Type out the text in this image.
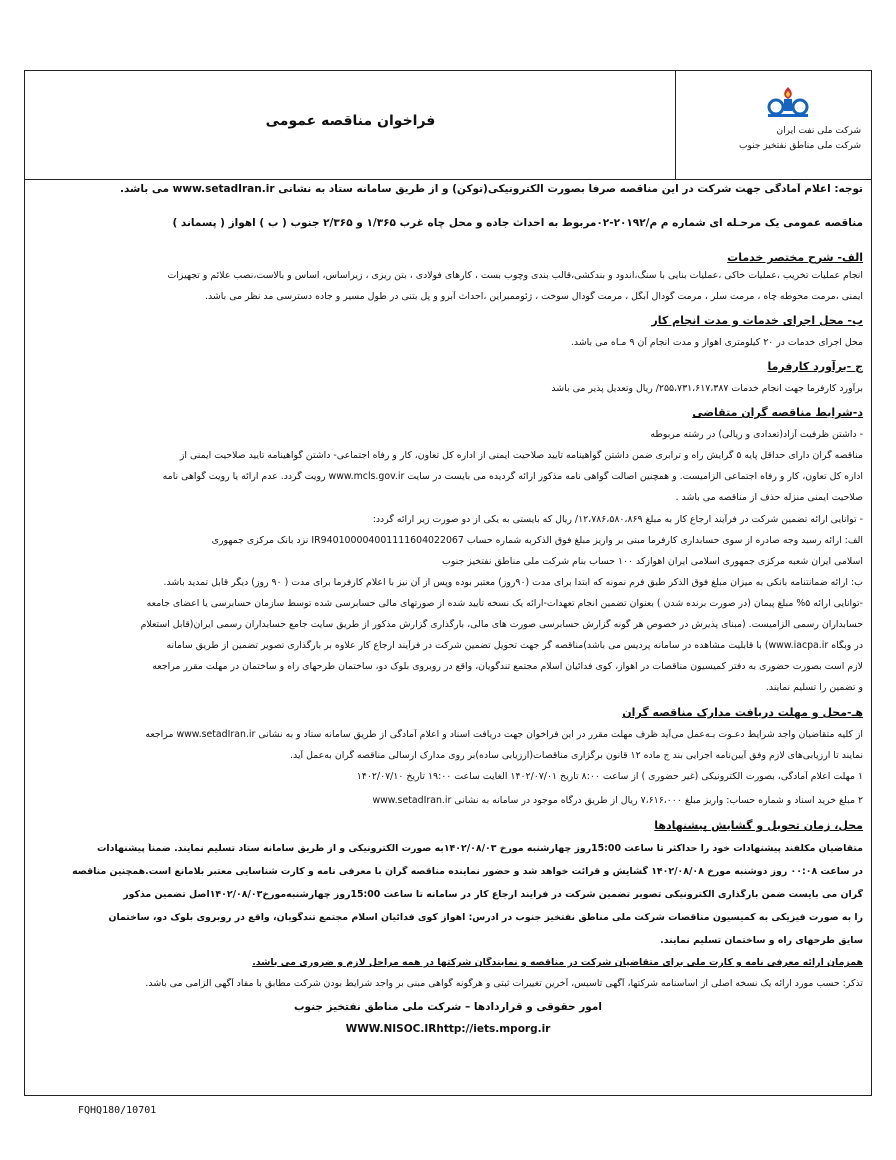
شرکت ملی نفت ایران
شرکت ملی مناطق نفتخیز جنوب
فراخوان مناقصه عمومی
توجه: اعلام آمادگی جهت شرکت در این مناقصه صرفاً بصورت الکترونیکی(توکن) و از طریق سامانه ستاد به نشانی www.setadIran.ir می باشد.
مناقصه عمومی یک مرحـله ای شماره م م/۲۰۱۹۲-۰۲مربوط به احداث جاده و محل چاه غرب ۱/۳۶۵ و ۲/۳۶۵ جنوب ( ب ) اهواز ( پسماند )
الف- شرح مختصر خدمات
انجام عملیات تخریب ،عملیات خاکی ،عملیات بنایی با سنگ،اندود و بندکشی،قالب بندی وچوب بست ، کارهای فولادی ، بتن ریزی ، زیراساس، اساس و بالاست،نصب علائم و تجهیزات
ایمنی ،مرمت محوطه چاه ، مرمت سلر ، مرمت گودال آبگل ، مرمت گودال سوخت ، ژئوممبراین ،احداث آبرو و پل بتنی در طول مسیر و جاده دسترسی مد نظر می باشد.
ب- محل اجرای خدمات و مدت انجام کار
محل اجرای خدمات در ۲۰ کیلومتری اهواز و مدت انجام آن ۹ مـاه می باشد.
ج -برآورد کارفرما
برآورد کارفرما جهت انجام خدمات ۲۵۵،۷۳۱،۶۱۷،۳۸۷/ ریال وتعدیل پذیر می باشد
د-شرایط مناقصه گران متقاضی
- داشتن ظرفیت آزاد(تعدادی و ریالی) در رشته مربوطه
مناقصه گران دارای حداقل پایه ۵ گرایش راه و ترابری ضمن داشتن گواهینامه تایید صلاحیت ایمنی از اداره کل تعاون، کار و رفاه اجتماعی- داشتن گواهینامه تایید صلاحیت ایمنی از
اداره کل تعاون، کار و رفاه اجتماعی الزامیست. و همچنین اصالت گواهی نامه مذکور ارائه گردیده می بایست در سایت www.mcls.gov.ir رویت گردد. عدم ارائه یا رویت گواهی نامه
صلاحیت ایمنی منزله حذف از مناقصه می باشد .
- توانایی ارائه تضمین شرکت در فرآیند ارجاع کار به مبلغ ۱۲،۷۸۶،۵۸۰،۸۶۹/ ریال که بایستی به یکی از دو صورت زیر ارائه گردد:
الف: ارائه رسید وجه صادره از سوی حسابداری کارفرما مبنی بر واریز مبلغ فوق الذکربه شماره حساب IR940100004001111604022067 نزد بانک مرکزی جمهوری
اسلامی ایران شعبه مرکزی جمهوری اسلامی ایران اهوازکد ۱۰۰ حساب بنام شرکت ملی مناطق نفتخیز جنوب
ب: ارائه ضمانتنامه بانکی به میزان مبلغ فوق الذکر طبق فرم نمونه که ابتدا برای مدت (۹۰روز) معتبر بوده وپس از آن نیز با اعلام کارفرما برای مدت ( ۹۰ روز) دیگر قابل تمدید باشد.
-توانایی ارائه ۵% مبلغ پیمان (در صورت برنده شدن ) بعنوان تضمین انجام تعهدات-ارائه یک نسخه تأیید شده از صورتهای مالی حسابرسی شده توسط سازمان حسابرسی یا اعضای جامعه
حسابداران رسمی الزامیست. (مبنای پذیرش در خصوص هر گونه گزارش حسابرسی صورت های مالی، بارگذاری گزارش مذکور از طریق سایت جامع حسابداران رسمی ایران(قابل استعلام
در وبگاه www.iacpa.ir) با قابلیت مشاهده در سامانه پردیس می باشد)مناقصه گر جهت تحویل تضمین شرکت در فرآیند ارجاع کار علاوه بر بارگذاری تصویر تضمین از طریق سامانه
لازم است بصورت حضوری به دفتر کمیسیون مناقصات در اهواز، کوی فدائیان اسلام مجتمع تندگویان، واقع در روبروی بلوک دو، ساختمان طرحهای راه و ساختمان در مهلت مقرر مراجعه
و تضمین را تسلیم نمایند.
هـ-محل و مهلت دریافت مدارک مناقصه گران
از کلیه متقاضیان واجد شرایط دعـوت بـه‌عمل می‌آید ظرف مهلت مقرر در این فراخوان جهت دریافت اسناد و اعلام آمادگی از طریق سامانه ستاد و به نشانی www.setadIran.ir مراجعه
نمایند تا ارزیابی‌های لازم وفق آیین‌نامه اجرایی بند ج ماده ۱۲ قانون برگزاری مناقصات(ارزیابی ساده)بر روی مدارک ارسالی مناقصه گران به‌عمل آید.
۱ مهلت اعلام آمادگی، بصورت الکترونیکی (غیر حضوری ) از ساعت ۸:۰۰ تاریخ ۱۴۰۲/۰۷/۰۱ الغایت ساعت ۱۹:۰۰ تاریخ ۱۴۰۲/۰۷/۱۰
۲ مبلغ خرید اسناد و شماره حساب: واریز مبلغ ۷،۶۱۶،۰۰۰ ریال از طریق درگاه موجود در سامانه به نشانی www.setadIran.ir
محل، زمان تحویل و گشایش پیشنهادها
متقاضیان مکلفند پیشنهادات خود را حداکثر تا ساعت 15:00روز چهارشنبه مورخ ۱۴۰۲/۰۸/۰۳به صورت الکترونیکی و از طریق سامانه ستاد تسلیم نمایند. ضمناً پیشنهادات
در ساعت ۰۰:۰۸ روز دوشنبه مورخ ۱۴۰۲/۰۸/۰۸ گشایش و قرائت خواهد شد و حضور نماینده مناقصه گران با معرفی نامه و کارت شناسایی معتبر بلامانع است.همچنین مناقصه
گران می بایست ضمن بارگذاری الکترونیکی تصویر تضمین شرکت در فرایند ارجاع کار در سامانه تا ساعت 15:00روز چهارشنبه‌مورخ۱۴۰۲/۰۸/۰۳اصل تضمین مذکور
را به صورت فیزیکی به کمیسیون مناقصات شرکت ملی مناطق نفتخیز جنوب در آدرس: اهواز کوی فدائیان اسلام مجتمع تندگویان، واقع در روبروی بلوک دو، ساختمان
سایق طرحهای راه و ساختمان تسلیم نمایند.
همزمان ارائه معرفی نامه و کارت ملی برای متقاضیان شرکت در مناقصه و نمایندگان شرکتها در همه مراحل لازم و ضروری می باشد.
تذکر: حسب مورد ارائه یک نسخه اصلی از اساسنامه شرکتها، آگهی تاسیس، آخرین تغییرات ثبتی و هرگونه گواهی مبنی بر واجد شرایط بودن شرکت مطابق با مفاد آگهی الزامی می باشد.
امور حقوقی و قراردادها – شرکت ملی مناطق نفتخیز جنوب
WWW.NISOC.IRhttp://iets.mporg.ir
FQHQ180/10701
